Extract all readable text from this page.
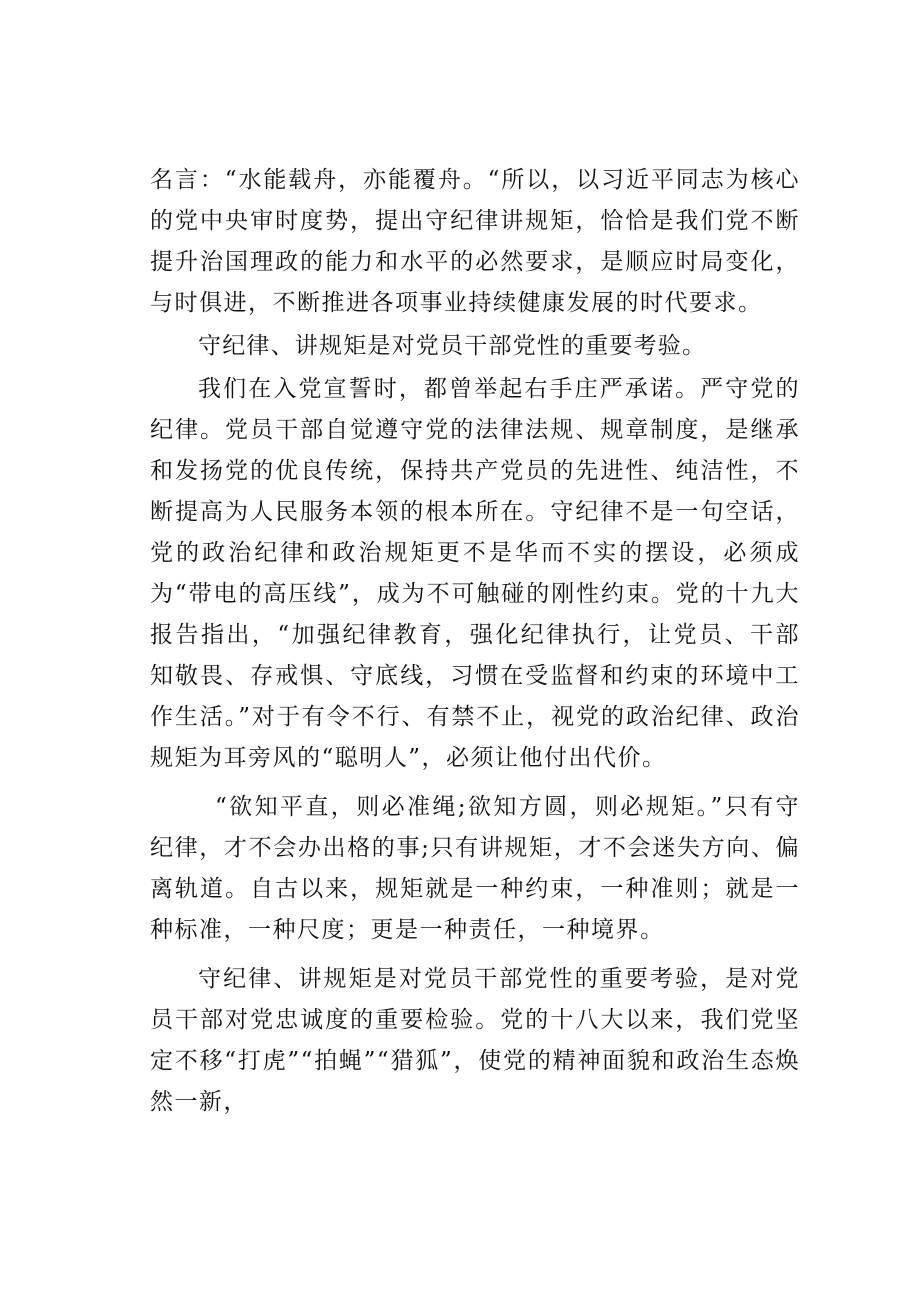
名言：“水能载舟，亦能覆舟。“所以，以习近平同志为核心的党中央审时度势，提出守纪律讲规矩，恰恰是我们党不断提升治国理政的能力和水平的必然要求，是顺应时局变化，与时俱进，不断推进各项事业持续健康发展的时代要求。

守纪律、讲规矩是对党员干部党性的重要考验。

我们在入党宣誓时，都曾举起右手庄严承诺。严守党的纪律。党员干部自觉遵守党的法律法规、规章制度，是继承和发扬党的优良传统，保持共产党员的先进性、纯洁性，不断提高为人民服务本领的根本所在。守纪律不是一句空话，党的政治纪律和政治规矩更不是华而不实的摆设，必须成为“带电的高压线”，成为不可触碰的刚性约束。党的十九大报告指出，“加强纪律教育，强化纪律执行，让党员、干部知敬畏、存戒惧、守底线，习惯在受监督和约束的环境中工作生活。”对于有令不行、有禁不止，视党的政治纪律、政治规矩为耳旁风的“聪明人”，必须让他付出代价。

“欲知平直，则必准绳;欲知方圆，则必规矩。”只有守纪律，才不会办出格的事;只有讲规矩，才不会迷失方向、偏离轨道。自古以来，规矩就是一种约束，一种准则；就是一种标准，一种尺度；更是一种责任，一种境界。

守纪律、讲规矩是对党员干部党性的重要考验，是对党员干部对党忠诚度的重要检验。党的十八大以来，我们党坚定不移“打虎”“拍蝇”“猎狐”，使党的精神面貌和政治生态焕然一新，
